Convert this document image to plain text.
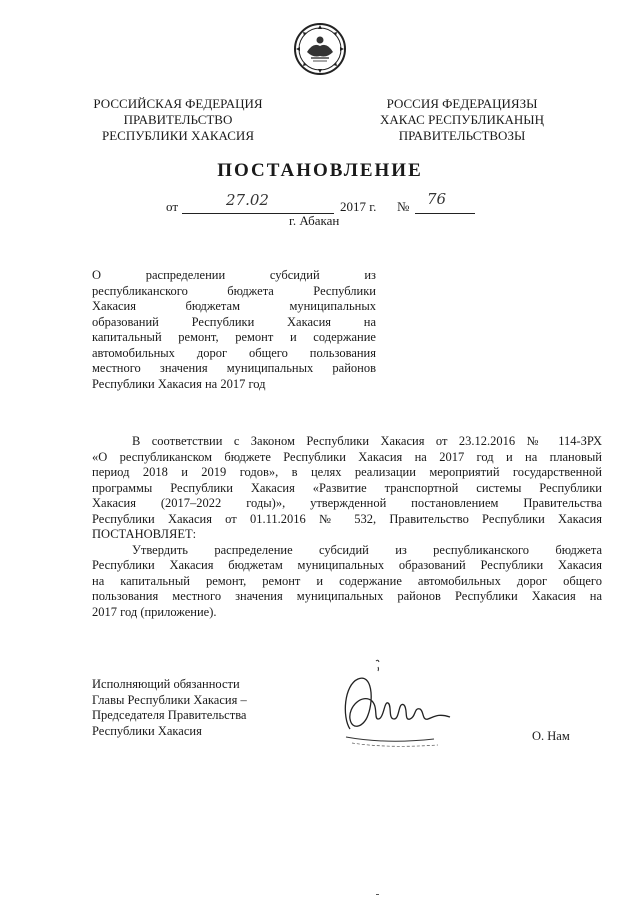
РОССИЙСКАЯ ФЕДЕРАЦИЯ
ПРАВИТЕЛЬСТВО
РЕСПУБЛИКИ ХАКАСИЯ
РОССИЯ ФЕДЕРАЦИЯЗЫ
ХАКАС РЕСПУБЛИКАНЫҢ
ПРАВИТЕЛЬСТВОЗЫ
ПОСТАНОВЛЕНИЕ
от	27.02	2017 г. № 76
г. Абакан
О распределении субсидий из
республиканского бюджета Республики
Хакасия бюджетам муниципальных
образований Республики Хакасия на
капитальный ремонт, ремонт и содержание
автомобильных дорог общего пользования
местного значения муниципальных районов
Республики Хакасия на 2017 год
В соответствии с Законом Республики Хакасия от 23.12.2016 № 114-ЗРХ
«О республиканском бюджете Республики Хакасия на 2017 год и на плановый
период 2018 и 2019 годов», в целях реализации мероприятий государственной
программы Республики Хакасия «Развитие транспортной системы Республики
Хакасия (2017–2022 годы)», утвержденной постановлением Правительства
Республики Хакасия от 01.11.2016 № 532, Правительство Республики Хакасия
ПОСТАНОВЛЯЕТ:
Утвердить распределение субсидий из республиканского бюджета
Республики Хакасия бюджетам муниципальных образований Республики Хакасия
на капитальный ремонт, ремонт и содержание автомобильных дорог общего
пользования местного значения муниципальных районов Республики Хакасия на
2017 год (приложение).
Исполняющий обязанности
Главы Республики Хакасия –
Председателя Правительства
Республики Хакасия	О. Нам
